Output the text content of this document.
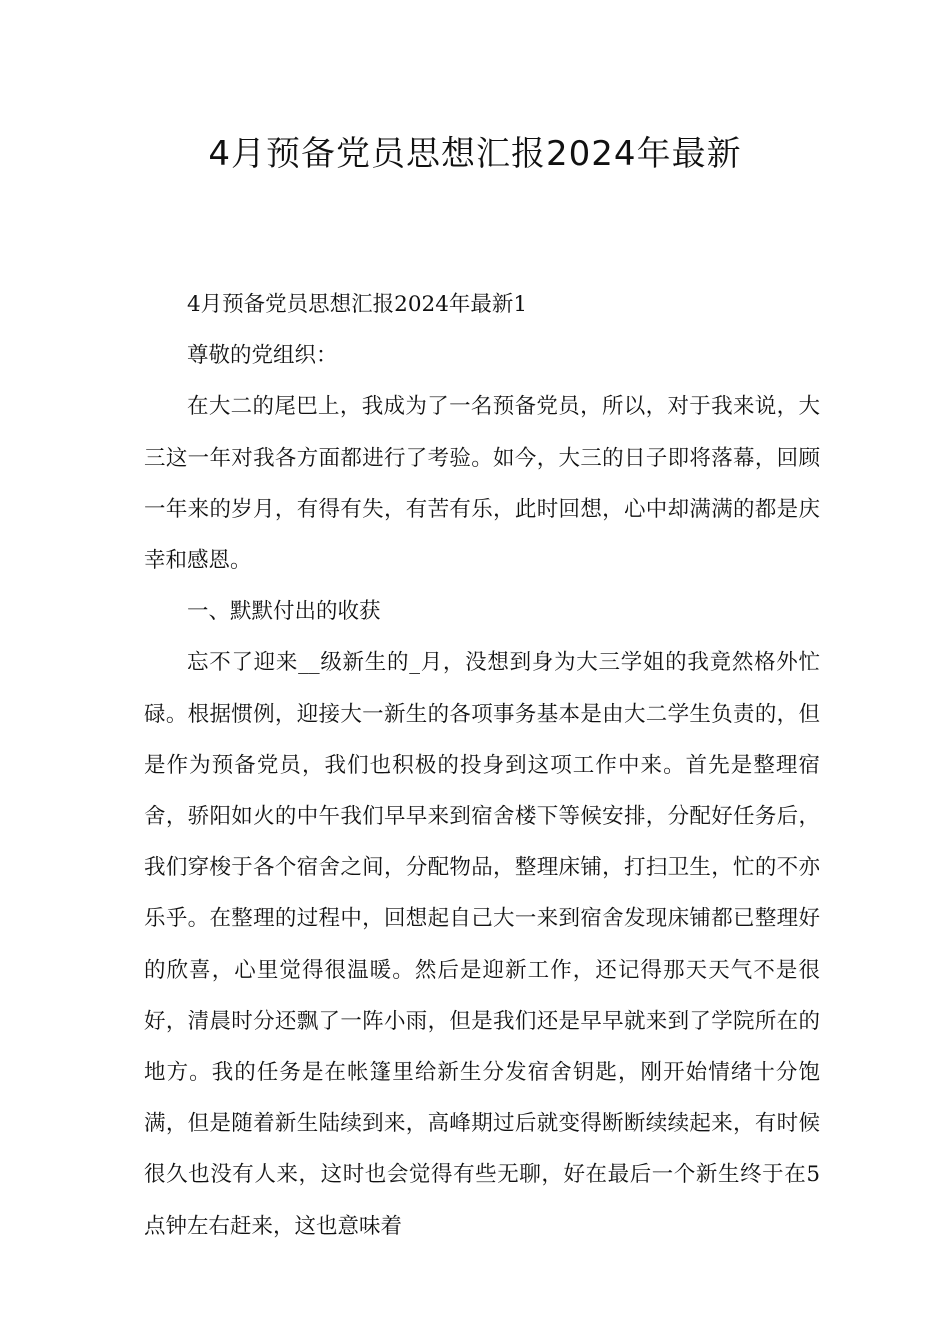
4月预备党员思想汇报2024年最新

4月预备党员思想汇报2024年最新1

尊敬的党组织：

在大二的尾巴上，我成为了一名预备党员，所以，对于我来说，大三这一年对我各方面都进行了考验。如今，大三的日子即将落幕，回顾一年来的岁月，有得有失，有苦有乐，此时回想，心中却满满的都是庆幸和感恩。

一、默默付出的收获

忘不了迎来__级新生的_月，没想到身为大三学姐的我竟然格外忙碌。根据惯例，迎接大一新生的各项事务基本是由大二学生负责的，但是作为预备党员，我们也积极的投身到这项工作中来。首先是整理宿舍，骄阳如火的中午我们早早来到宿舍楼下等候安排，分配好任务后，我们穿梭于各个宿舍之间，分配物品，整理床铺，打扫卫生，忙的不亦乐乎。在整理的过程中，回想起自己大一来到宿舍发现床铺都已整理好的欣喜，心里觉得很温暖。然后是迎新工作，还记得那天天气不是很好，清晨时分还飘了一阵小雨，但是我们还是早早就来到了学院所在的地方。我的任务是在帐篷里给新生分发宿舍钥匙，刚开始情绪十分饱满，但是随着新生陆续到来，高峰期过后就变得断断续续起来，有时候很久也没有人来，这时也会觉得有些无聊，好在最后一个新生终于在5点钟左右赶来，这也意味着
